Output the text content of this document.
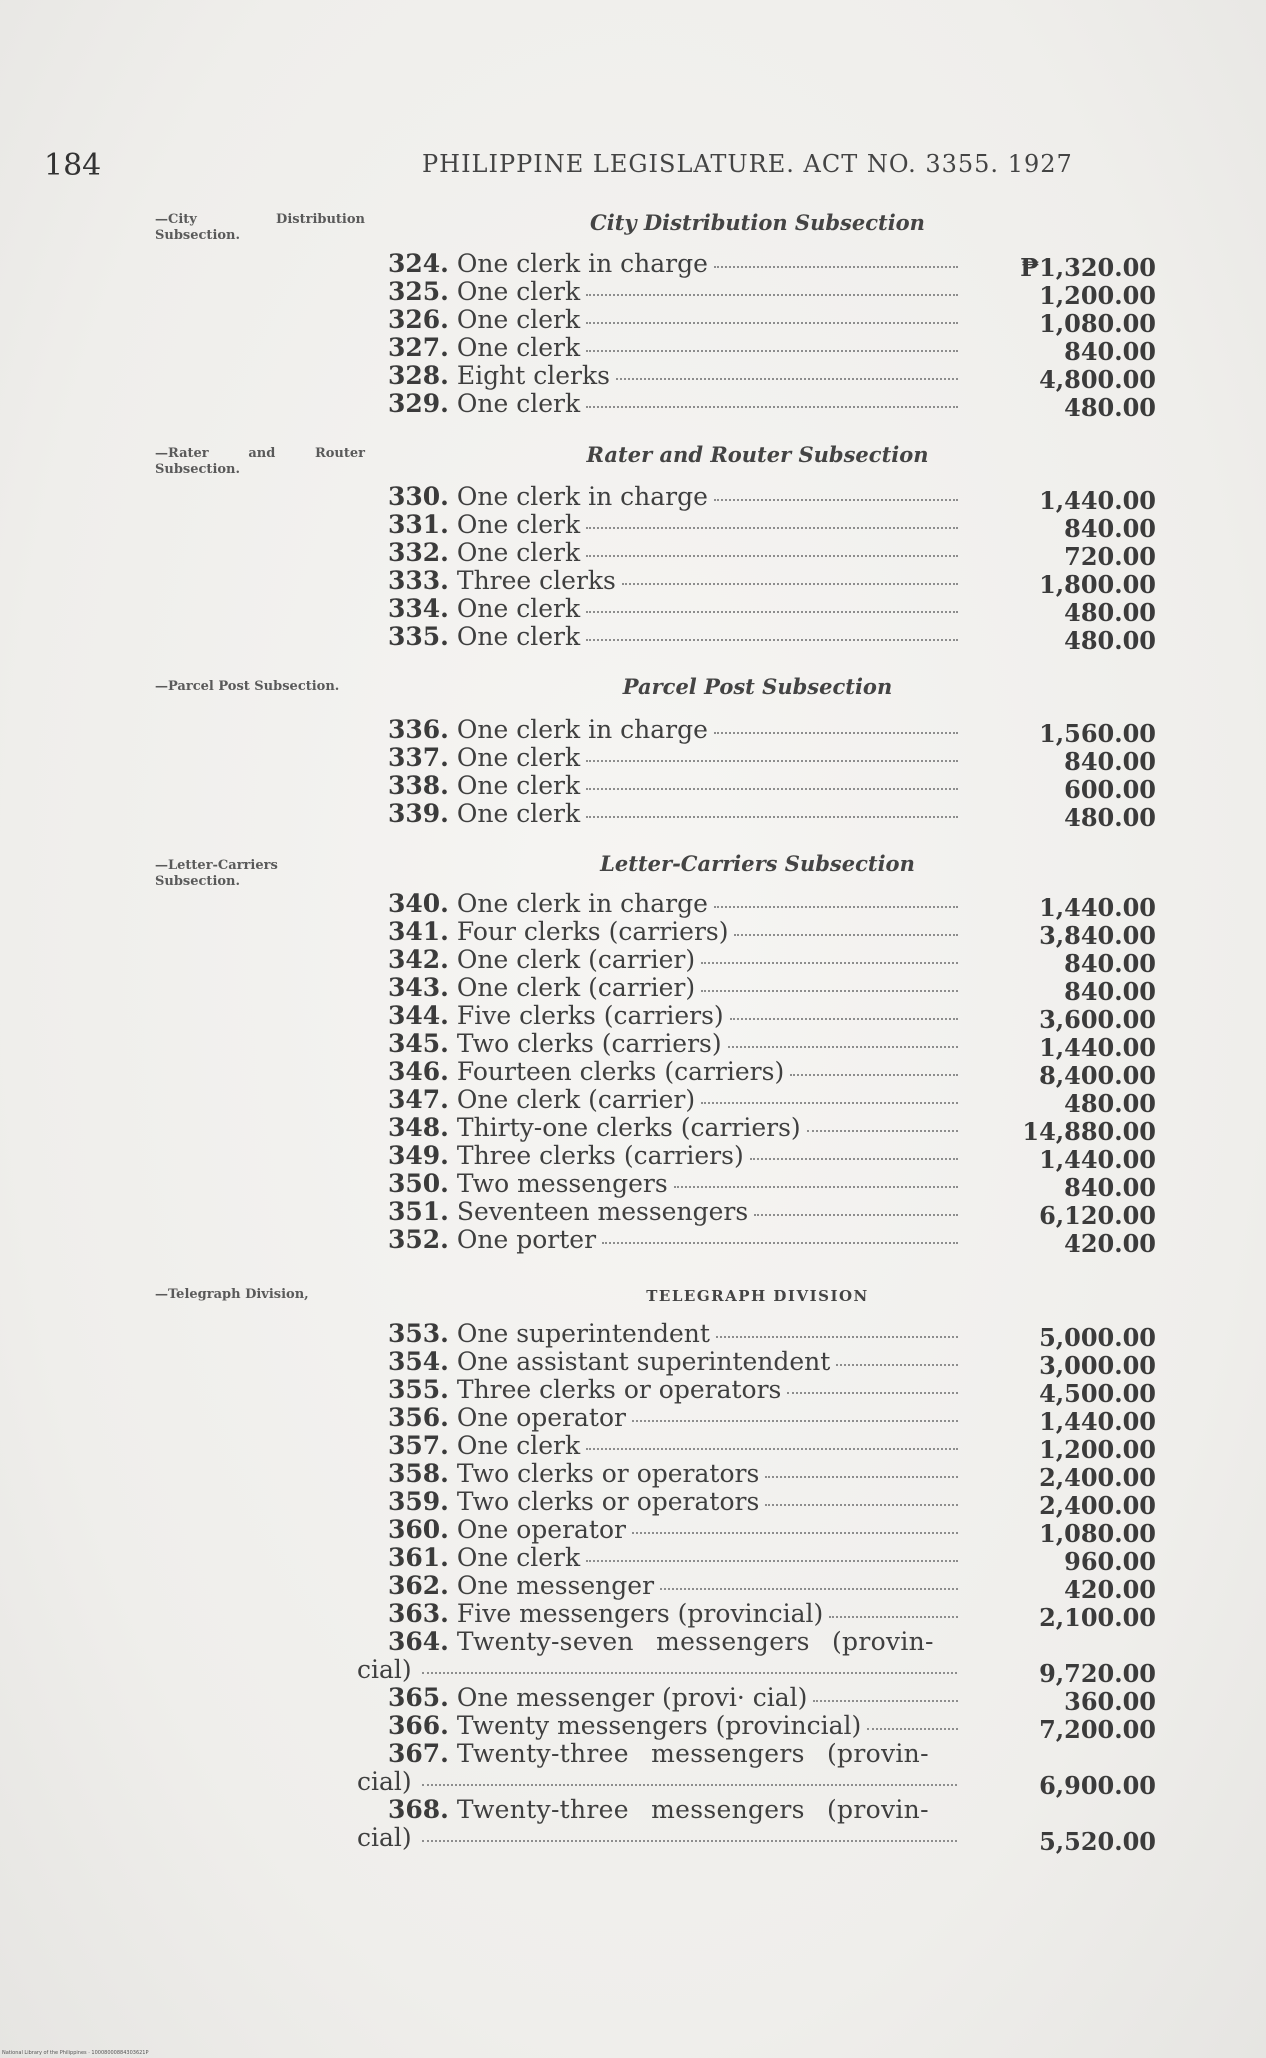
184	PHILIPPINE LEGISLATURE. ACT NO. 3355. 1927
—City Distribution Subsection.
—Rater and Router Subsection.
—Parcel Post Subsection.
—Letter-Carriers Subsection.
—Telegraph Division,
City Distribution Subsection
Rater and Router Subsection
Parcel Post Subsection
Letter-Carriers Subsection
TELEGRAPH DIVISION
324. One clerk in charge	₱1,320.00
325. One clerk	1,200.00
326. One clerk	1,080.00
327. One clerk	840.00
328. Eight clerks	4,800.00
329. One clerk	480.00
330. One clerk in charge	1,440.00
331. One clerk	840.00
332. One clerk	720.00
333. Three clerks	1,800.00
334. One clerk	480.00
335. One clerk	480.00
336. One clerk in charge	1,560.00
337. One clerk	840.00
338. One clerk	600.00
339. One clerk	480.00
340. One clerk in charge	1,440.00
341. Four clerks (carriers)	3,840.00
342. One clerk (carrier)	840.00
343. One clerk (carrier)	840.00
344. Five clerks (carriers)	3,600.00
345. Two clerks (carriers)	1,440.00
346. Fourteen clerks (carriers)	8,400.00
347. One clerk (carrier)	480.00
348. Thirty-one clerks (carriers)	14,880.00
349. Three clerks (carriers)	1,440.00
350. Two messengers	840.00
351. Seventeen messengers	6,120.00
352. One porter	420.00
353. One superintendent	5,000.00
354. One assistant superintendent	3,000.00
355. Three clerks or operators	4,500.00
356. One operator	1,440.00
357. One clerk	1,200.00
358. Two clerks or operators	2,400.00
359. Two clerks or operators	2,400.00
360. One operator	1,080.00
361. One clerk	960.00
362. One messenger	420.00
363. Five messengers (provincial)	2,100.00
364. Twenty-seven messengers (provin-
cial)	9,720.00
365. One messenger (provi· cial)	360.00
366. Twenty messengers (provincial)	7,200.00
367. Twenty-three messengers (provin-
cial)	6,900.00
368. Twenty-three messengers (provin-
cial)	5,520.00
National Library of the Philippines · 10008000884303621P
